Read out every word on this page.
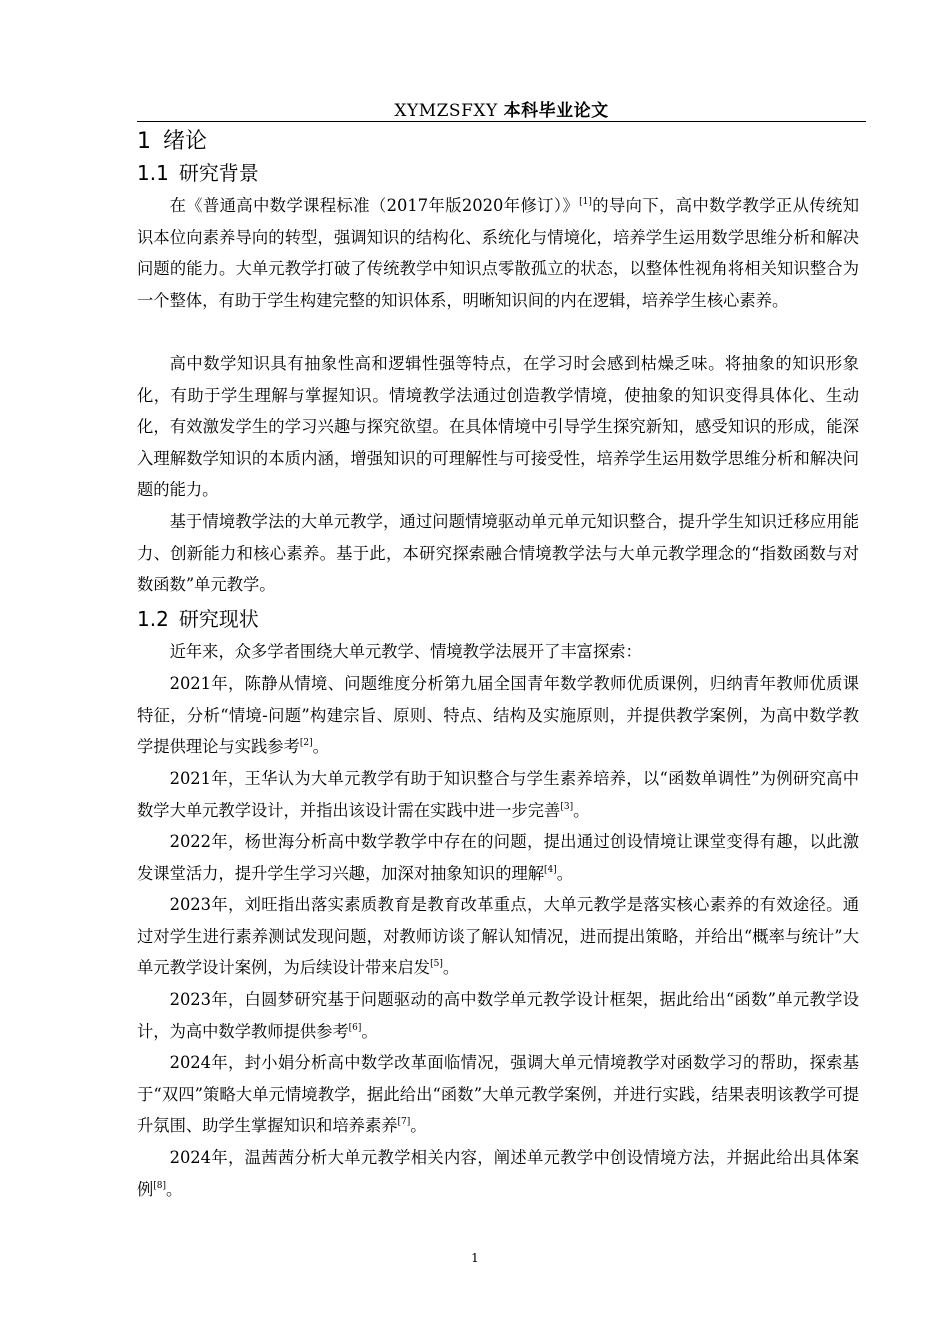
XYMZSFXY 本科毕业论文
1 绪论
1.1 研究背景

在《普通高中数学课程标准（2017年版2020年修订）》[1]的导向下，高中数学教学正从传统知识本位向素养导向的转型，强调知识的结构化、系统化与情境化，培养学生运用数学思维分析和解决问题的能力。大单元教学打破了传统教学中知识点零散孤立的状态，以整体性视角将相关知识整合为一个整体，有助于学生构建完整的知识体系，明晰知识间的内在逻辑，培养学生核心素养。

高中数学知识具有抽象性高和逻辑性强等特点，在学习时会感到枯燥乏味。将抽象的知识形象化，有助于学生理解与掌握知识。情境教学法通过创造教学情境，使抽象的知识变得具体化、生动化，有效激发学生的学习兴趣与探究欲望。在具体情境中引导学生探究新知，感受知识的形成，能深入理解数学知识的本质内涵，增强知识的可理解性与可接受性，培养学生运用数学思维分析和解决问题的能力。

基于情境教学法的大单元教学，通过问题情境驱动单元单元知识整合，提升学生知识迁移应用能力、创新能力和核心素养。基于此，本研究探索融合情境教学法与大单元教学理念的“指数函数与对数函数”单元教学。

1.2 研究现状

近年来，众多学者围绕大单元教学、情境教学法展开了丰富探索：

2021年，陈静从情境、问题维度分析第九届全国青年数学教师优质课例，归纳青年教师优质课特征，分析“情境-问题”构建宗旨、原则、特点、结构及实施原则，并提供教学案例，为高中数学教学提供理论与实践参考[2]。

2021年，王华认为大单元教学有助于知识整合与学生素养培养，以“函数单调性”为例研究高中数学大单元教学设计，并指出该设计需在实践中进一步完善[3]。

2022年，杨世海分析高中数学教学中存在的问题，提出通过创设情境让课堂变得有趣，以此激发课堂活力，提升学生学习兴趣，加深对抽象知识的理解[4]。

2023年，刘旺指出落实素质教育是教育改革重点，大单元教学是落实核心素养的有效途径。通过对学生进行素养测试发现问题，对教师访谈了解认知情况，进而提出策略，并给出“概率与统计”大单元教学设计案例，为后续设计带来启发[5]。

2023年，白圆梦研究基于问题驱动的高中数学单元教学设计框架，据此给出“函数”单元教学设计，为高中数学教师提供参考[6]。

2024年，封小娟分析高中数学改革面临情况，强调大单元情境教学对函数学习的帮助，探索基于“双四”策略大单元情境教学，据此给出“函数”大单元教学案例，并进行实践，结果表明该教学可提升氛围、助学生掌握知识和培养素养[7]。

2024年，温茜茜分析大单元教学相关内容，阐述单元教学中创设情境方法，并据此给出具体案例[8]。

1
